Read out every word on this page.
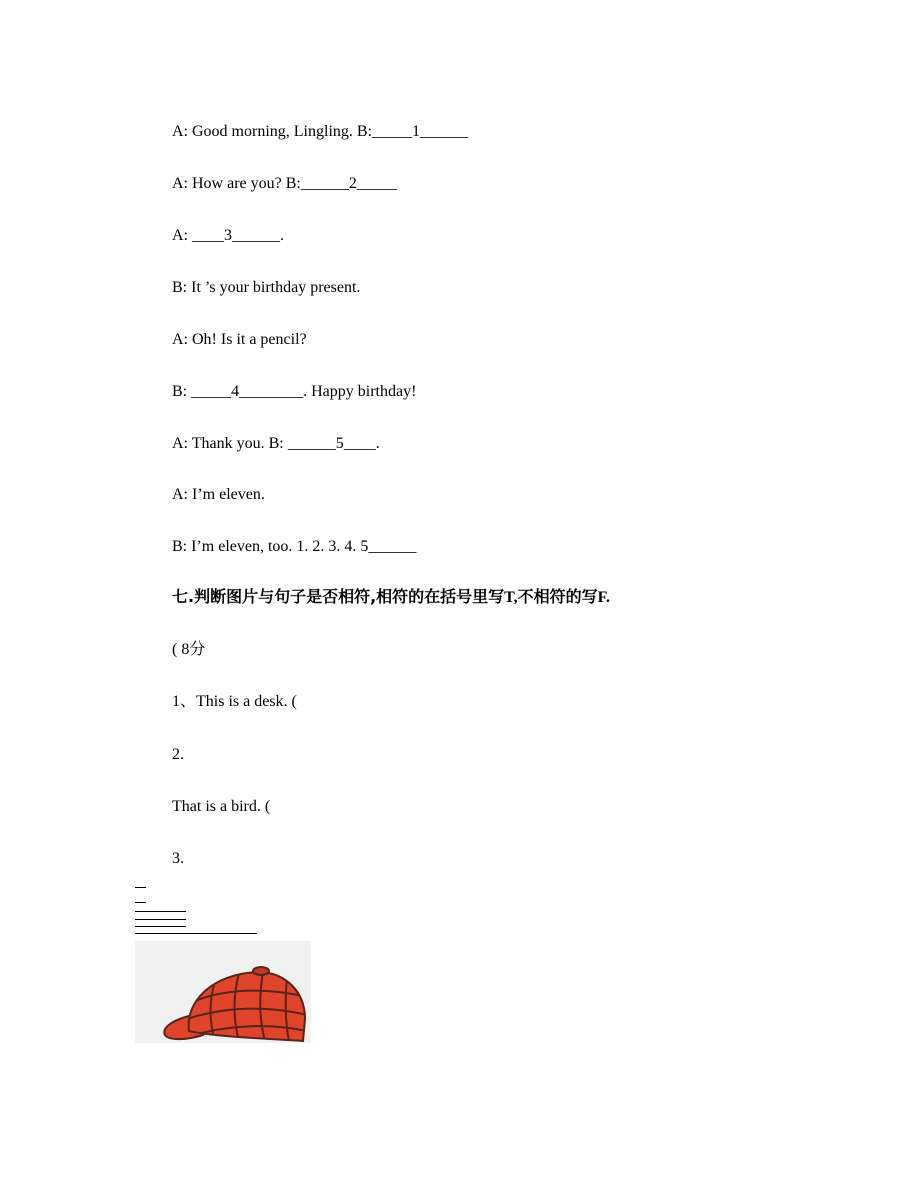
A: Good morning, Lingling. B:_____1______
A: How are you? B:______2_____
A: ____3______.
B: It ’s your birthday present.
A: Oh! Is it a pencil?
B: _____4________. Happy birthday!
A: Thank you. B: ______5____.
A: I’m eleven.
B: I’m eleven, too. 1. 2. 3. 4. 5______
七.判断图片与句子是否相符,相符的在括号里写T,不相符的写F.
( 8分
1、This is a desk. (
2.
That is a bird. (
3.
